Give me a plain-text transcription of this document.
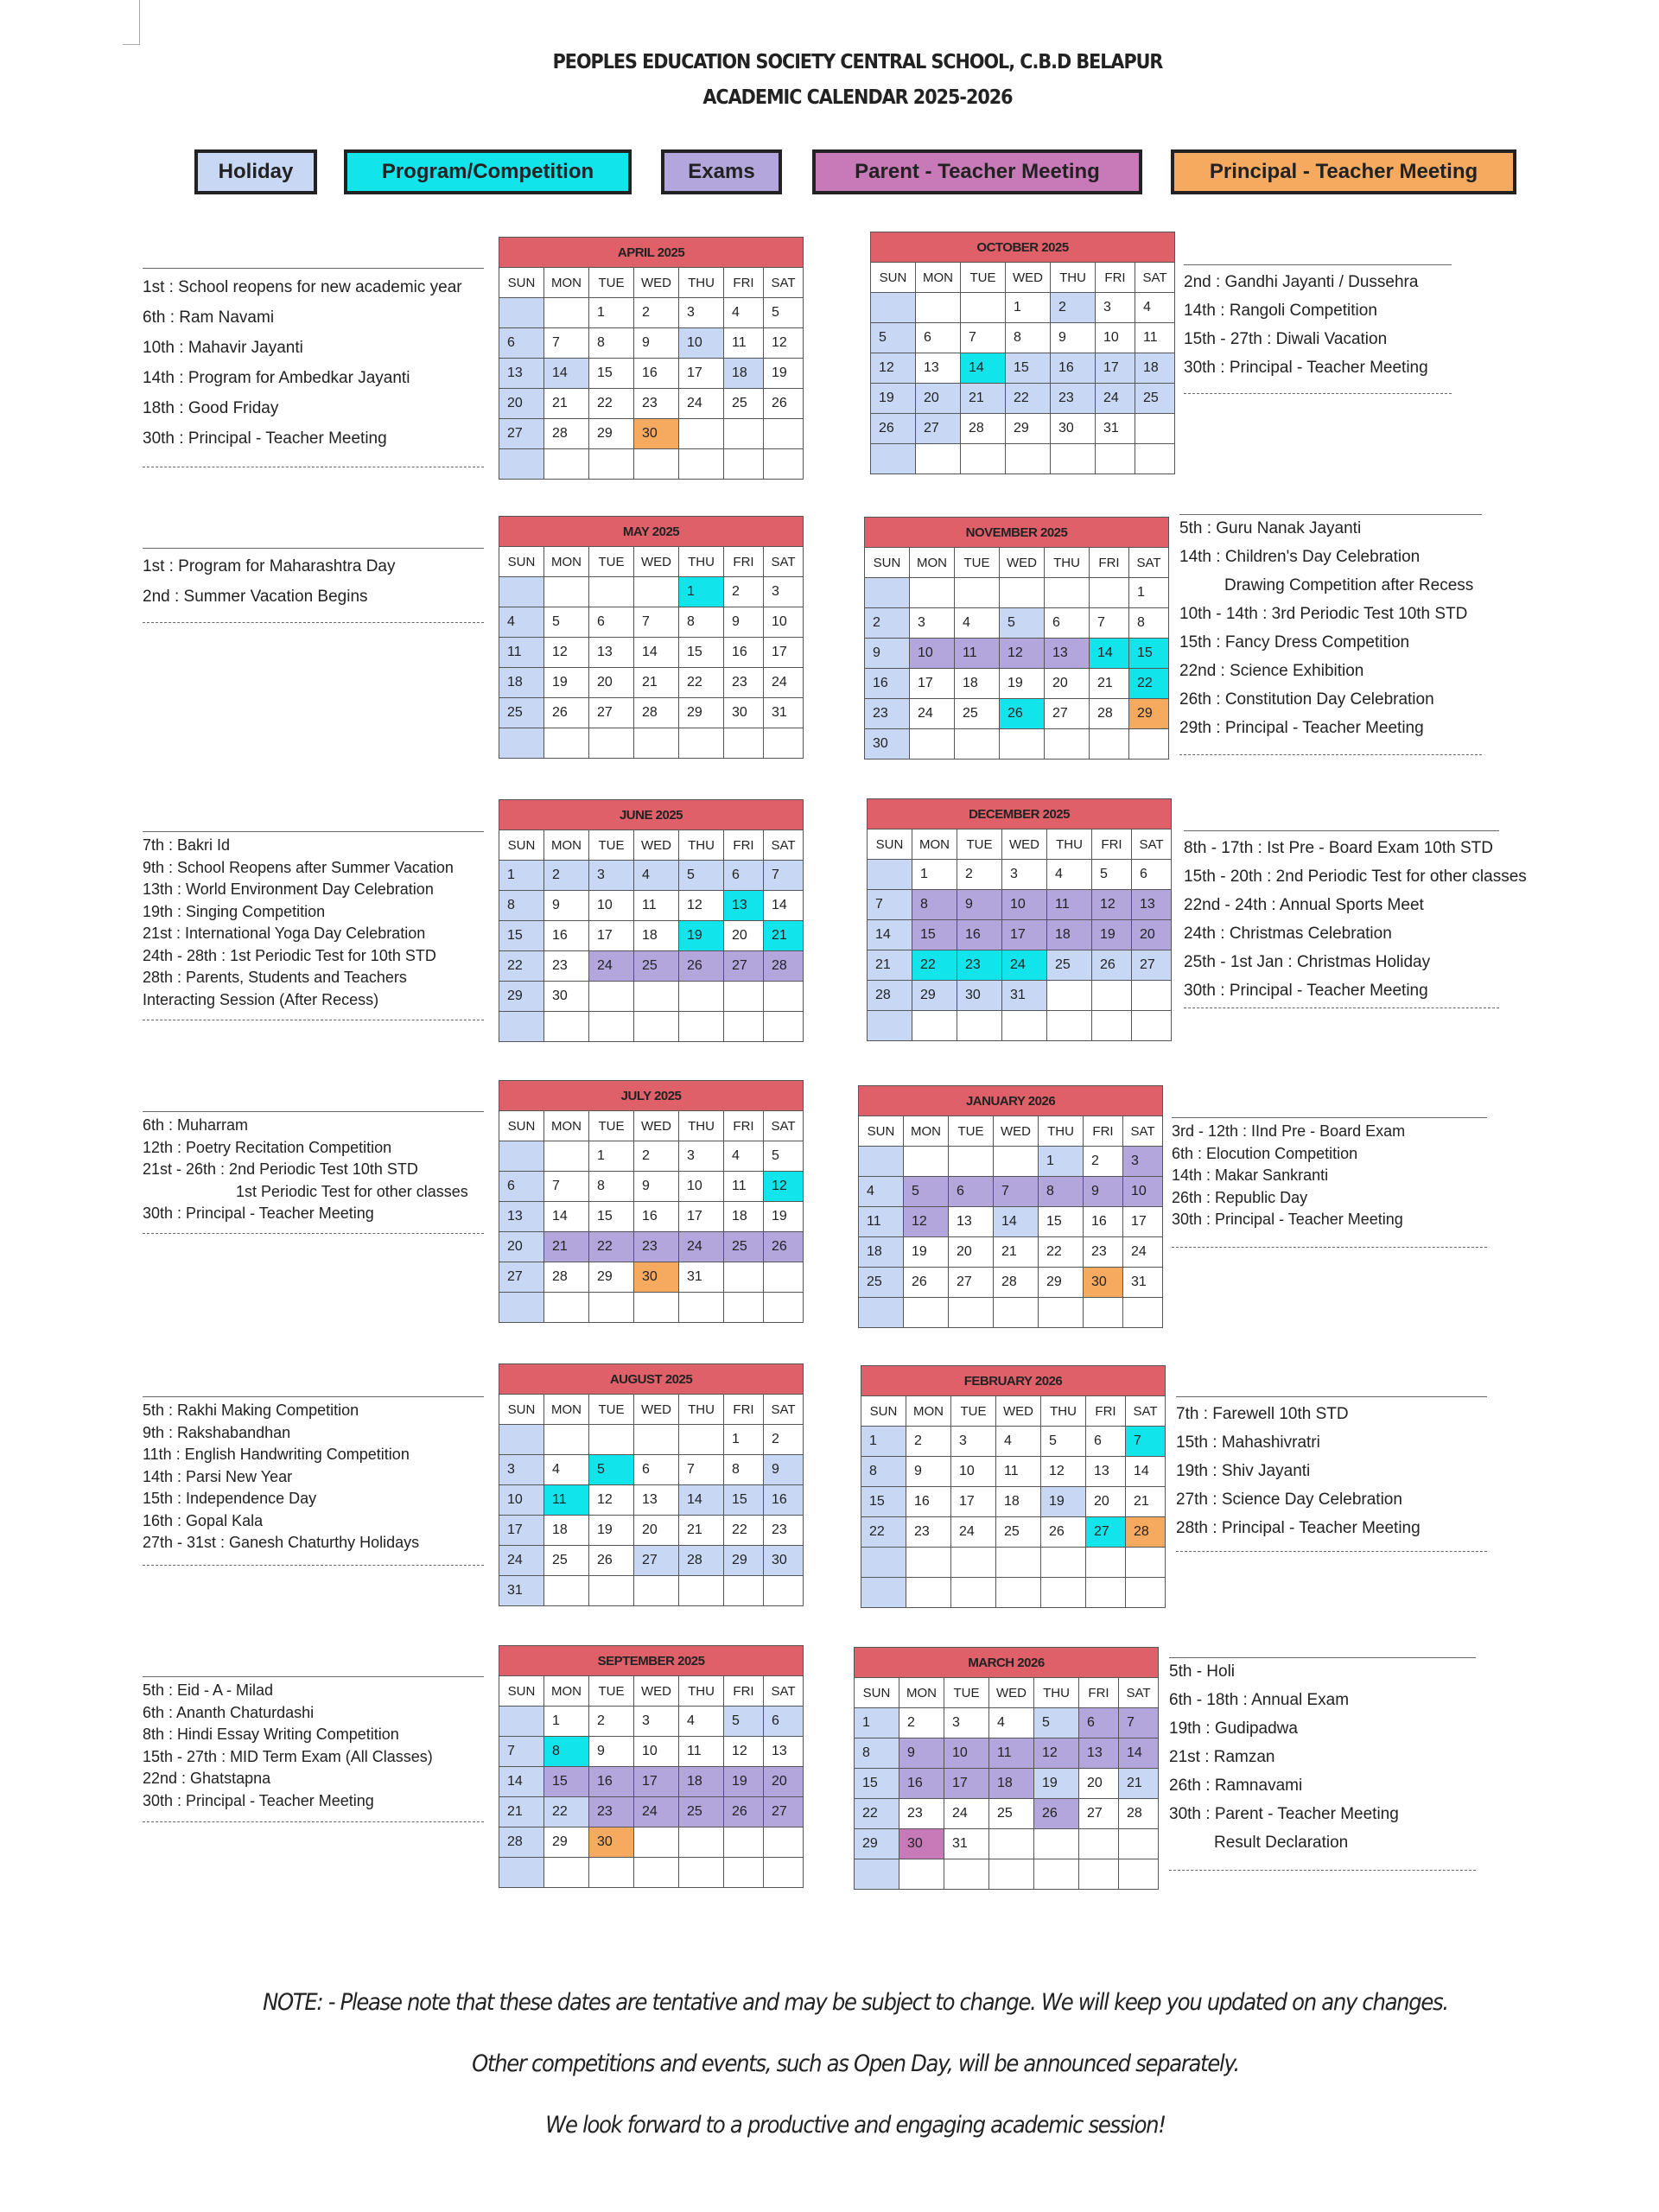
PEOPLES EDUCATION SOCIETY CENTRAL SCHOOL, C.B.D BELAPUR
ACADEMIC CALENDAR 2025-2026
Holiday	Program/Competition	Exams	Parent - Teacher Meeting	Principal - Teacher Meeting
APRIL 2025						
SUN	MON	TUE	WED	THU	FRI	SAT
		1	2	3	4	5
6	7	8	9	10	11	12
13	14	15	16	17	18	19
20	21	22	23	24	25	26
27	28	29	30			

MAY 2025						
SUN	MON	TUE	WED	THU	FRI	SAT
				1	2	3
4	5	6	7	8	9	10
11	12	13	14	15	16	17
18	19	20	21	22	23	24
25	26	27	28	29	30	31

JUNE 2025						
SUN	MON	TUE	WED	THU	FRI	SAT
1	2	3	4	5	6	7
8	9	10	11	12	13	14
15	16	17	18	19	20	21
22	23	24	25	26	27	28
29	30					

JULY 2025						
SUN	MON	TUE	WED	THU	FRI	SAT
		1	2	3	4	5
6	7	8	9	10	11	12
13	14	15	16	17	18	19
20	21	22	23	24	25	26
27	28	29	30	31		

AUGUST 2025						
SUN	MON	TUE	WED	THU	FRI	SAT
					1	2
3	4	5	6	7	8	9
10	11	12	13	14	15	16
17	18	19	20	21	22	23
24	25	26	27	28	29	30
31						
SEPTEMBER 2025						
SUN	MON	TUE	WED	THU	FRI	SAT
	1	2	3	4	5	6
7	8	9	10	11	12	13
14	15	16	17	18	19	20
21	22	23	24	25	26	27
28	29	30				

OCTOBER 2025						
SUN	MON	TUE	WED	THU	FRI	SAT
			1	2	3	4
5	6	7	8	9	10	11
12	13	14	15	16	17	18
19	20	21	22	23	24	25
26	27	28	29	30	31	

NOVEMBER 2025						
SUN	MON	TUE	WED	THU	FRI	SAT
						1
2	3	4	5	6	7	8
9	10	11	12	13	14	15
16	17	18	19	20	21	22
23	24	25	26	27	28	29
30						
DECEMBER 2025						
SUN	MON	TUE	WED	THU	FRI	SAT
	1	2	3	4	5	6
7	8	9	10	11	12	13
14	15	16	17	18	19	20
21	22	23	24	25	26	27
28	29	30	31			

JANUARY 2026						
SUN	MON	TUE	WED	THU	FRI	SAT
				1	2	3
4	5	6	7	8	9	10
11	12	13	14	15	16	17
18	19	20	21	22	23	24
25	26	27	28	29	30	31

FEBRUARY 2026						
SUN	MON	TUE	WED	THU	FRI	SAT
1	2	3	4	5	6	7
8	9	10	11	12	13	14
15	16	17	18	19	20	21
22	23	24	25	26	27	28

MARCH 2026						
SUN	MON	TUE	WED	THU	FRI	SAT
1	2	3	4	5	6	7
8	9	10	11	12	13	14
15	16	17	18	19	20	21
22	23	24	25	26	27	28
29	30	31				

1st : School reopens for new academic year
6th : Ram Navami
10th : Mahavir Jayanti
14th : Program for Ambedkar Jayanti
18th : Good Friday
30th : Principal - Teacher Meeting
1st : Program for Maharashtra Day
2nd : Summer Vacation Begins
7th : Bakri Id
9th : School Reopens after Summer Vacation
13th : World Environment Day Celebration
19th : Singing Competition
21st : International Yoga Day Celebration
24th - 28th : 1st Periodic Test for 10th STD
28th : Parents, Students and Teachers
Interacting Session (After Recess)
6th : Muharram
12th : Poetry Recitation Competition
21st - 26th : 2nd Periodic Test 10th STD
1st Periodic Test for other classes
30th : Principal - Teacher Meeting
5th : Rakhi Making Competition
9th : Rakshabandhan
11th : English Handwriting Competition
14th : Parsi New Year
15th : Independence Day
16th : Gopal Kala
27th - 31st : Ganesh Chaturthy Holidays
5th : Eid - A - Milad
6th : Ananth Chaturdashi
8th : Hindi Essay Writing Competition
15th - 27th : MID Term Exam (All Classes)
22nd : Ghatstapna
30th : Principal - Teacher Meeting
2nd : Gandhi Jayanti / Dussehra
14th : Rangoli Competition
15th - 27th : Diwali Vacation
30th : Principal - Teacher Meeting
5th : Guru Nanak Jayanti
14th : Children's Day Celebration
Drawing Competition after Recess
10th - 14th : 3rd Periodic Test 10th STD
15th : Fancy Dress Competition
22nd : Science Exhibition
26th : Constitution Day Celebration
29th : Principal - Teacher Meeting
8th - 17th : Ist Pre - Board Exam 10th STD
15th - 20th : 2nd Periodic Test for other classes
22nd - 24th : Annual Sports Meet
24th : Christmas Celebration
25th - 1st Jan : Christmas Holiday
30th : Principal - Teacher Meeting
3rd - 12th : IInd Pre - Board Exam
6th : Elocution Competition
14th : Makar Sankranti
26th : Republic Day
30th : Principal - Teacher Meeting
7th : Farewell 10th STD
15th : Mahashivratri
19th : Shiv Jayanti
27th : Science Day Celebration
28th : Principal - Teacher Meeting
5th - Holi
6th - 18th : Annual Exam
19th : Gudipadwa
21st : Ramzan
26th : Ramnavami
30th : Parent - Teacher Meeting
Result Declaration
NOTE: - Please note that these dates are tentative and may be subject to change. We will keep you updated on any changes.
Other competitions and events, such as Open Day, will be announced separately.
We look forward to a productive and engaging academic session!
